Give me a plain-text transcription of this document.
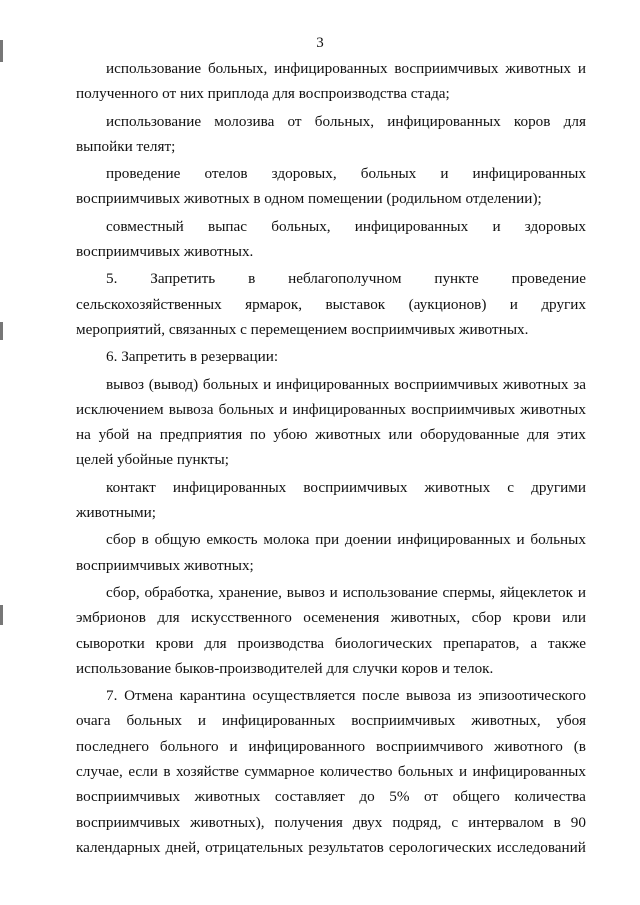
3
использование больных, инфицированных восприимчивых животных и
полученного от них приплода для воспроизводства стада;
использование молозива от больных, инфицированных коров для
выпойки телят;
проведение отелов здоровых, больных и инфицированных
восприимчивых животных в одном помещении (родильном отделении);
совместный выпас больных, инфицированных и здоровых
восприимчивых животных.
5. Запретить в неблагополучном пункте проведение
сельскохозяйственных ярмарок, выставок (аукционов) и других
мероприятий, связанных с перемещением восприимчивых животных.
6. Запретить в резервации:
вывоз (вывод) больных и инфицированных восприимчивых животных за
исключением вывоза больных и инфицированных восприимчивых животных
на убой на предприятия по убою животных или оборудованные для этих
целей убойные пункты;
контакт инфицированных восприимчивых животных с другими
животными;
сбор в общую емкость молока при доении инфицированных и больных
восприимчивых животных;
сбор, обработка, хранение, вывоз и использование спермы, яйцеклеток и
эмбрионов для искусственного осеменения животных, сбор крови или
сыворотки крови для производства биологических препаратов, а также
использование быков-производителей для случки коров и телок.
7. Отмена карантина осуществляется после вывоза из эпизоотического
очага больных и инфицированных восприимчивых животных, убоя
последнего больного и инфицированного восприимчивого животного (в
случае, если в хозяйстве суммарное количество больных и инфицированных
восприимчивых животных составляет до 5% от общего количества
восприимчивых животных), получения двух подряд, с интервалом в 90
календарных дней, отрицательных результатов серологических исследований
